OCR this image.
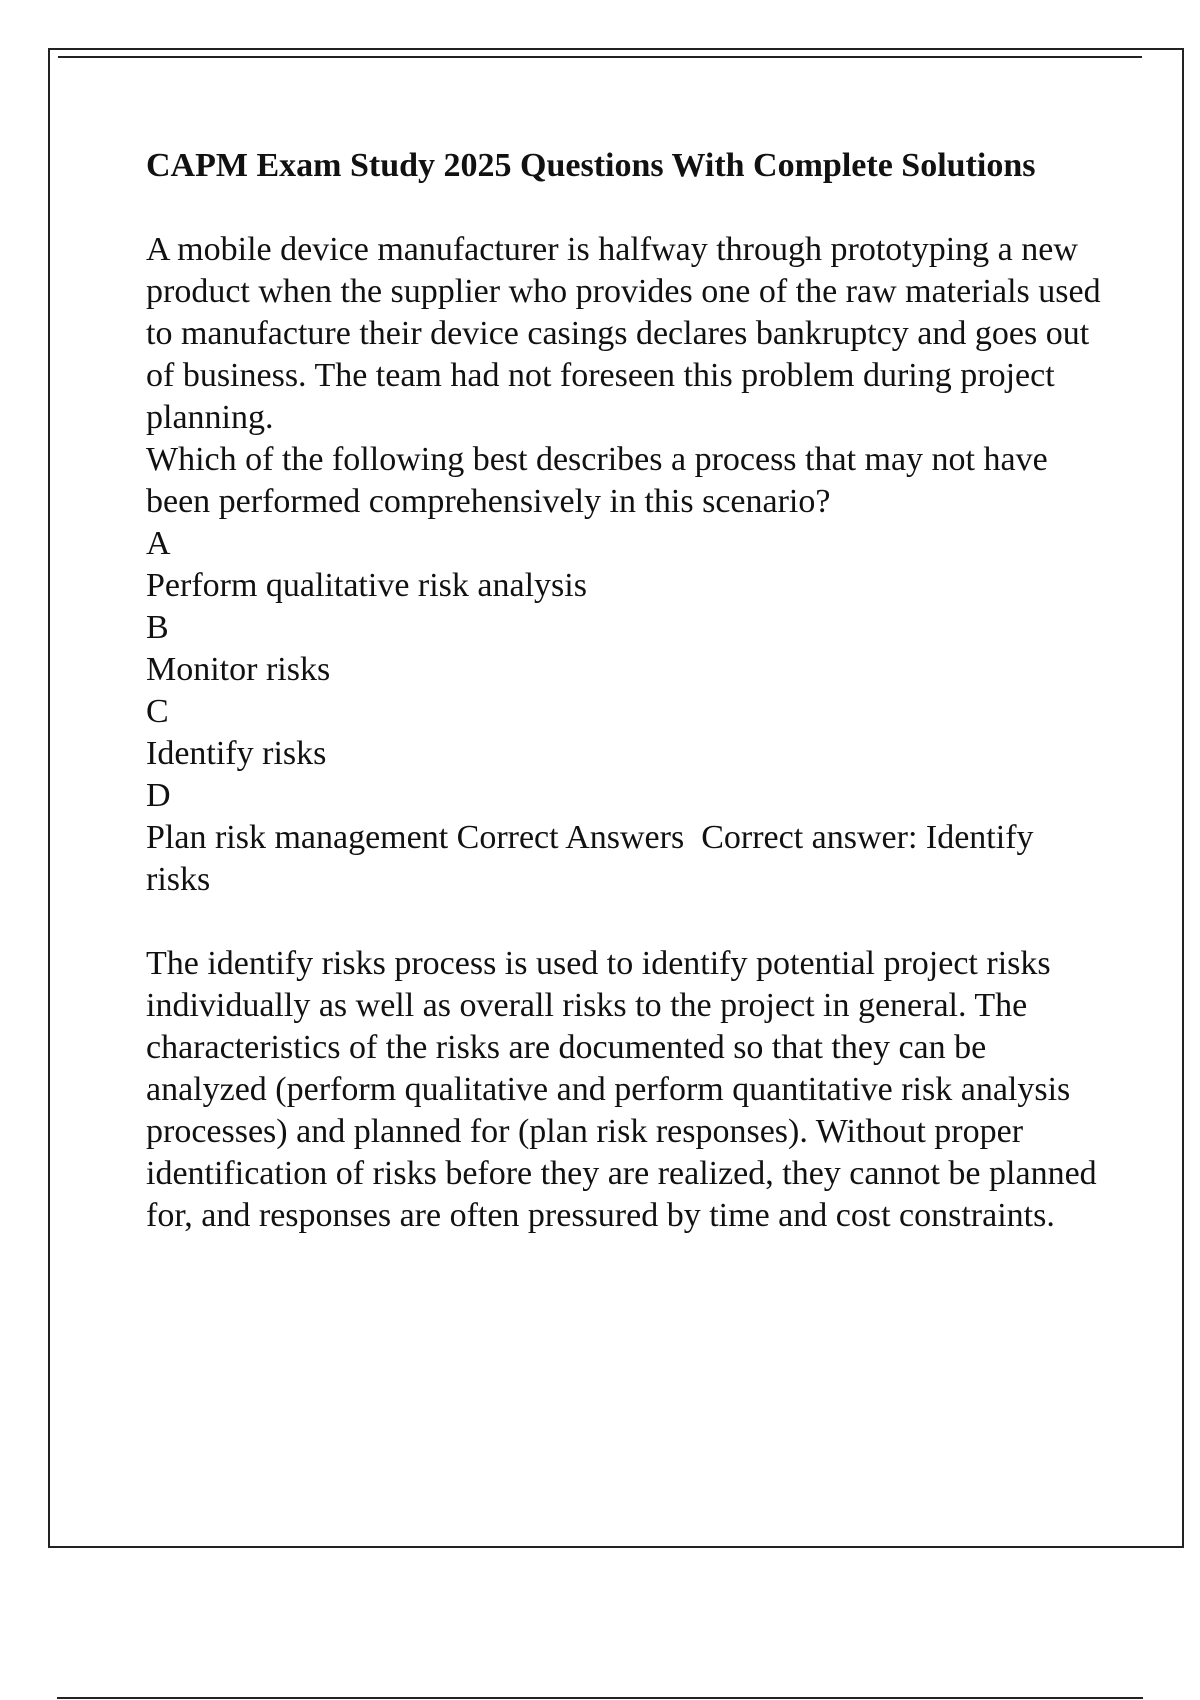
CAPM Exam Study 2025 Questions With Complete Solutions

A mobile device manufacturer is halfway through prototyping a new product when the supplier who provides one of the raw materials used to manufacture their device casings declares bankruptcy and goes out of business. The team had not foreseen this problem during project planning.

Which of the following best describes a process that may not have been performed comprehensively in this scenario?

A

Perform qualitative risk analysis

B

Monitor risks

C

Identify risks

D

Plan risk management Correct Answers  Correct answer: Identify risks

The identify risks process is used to identify potential project risks individually as well as overall risks to the project in general. The characteristics of the risks are documented so that they can be analyzed (perform qualitative and perform quantitative risk analysis processes) and planned for (plan risk responses). Without proper identification of risks before they are realized, they cannot be planned for, and responses are often pressured by time and cost constraints.
